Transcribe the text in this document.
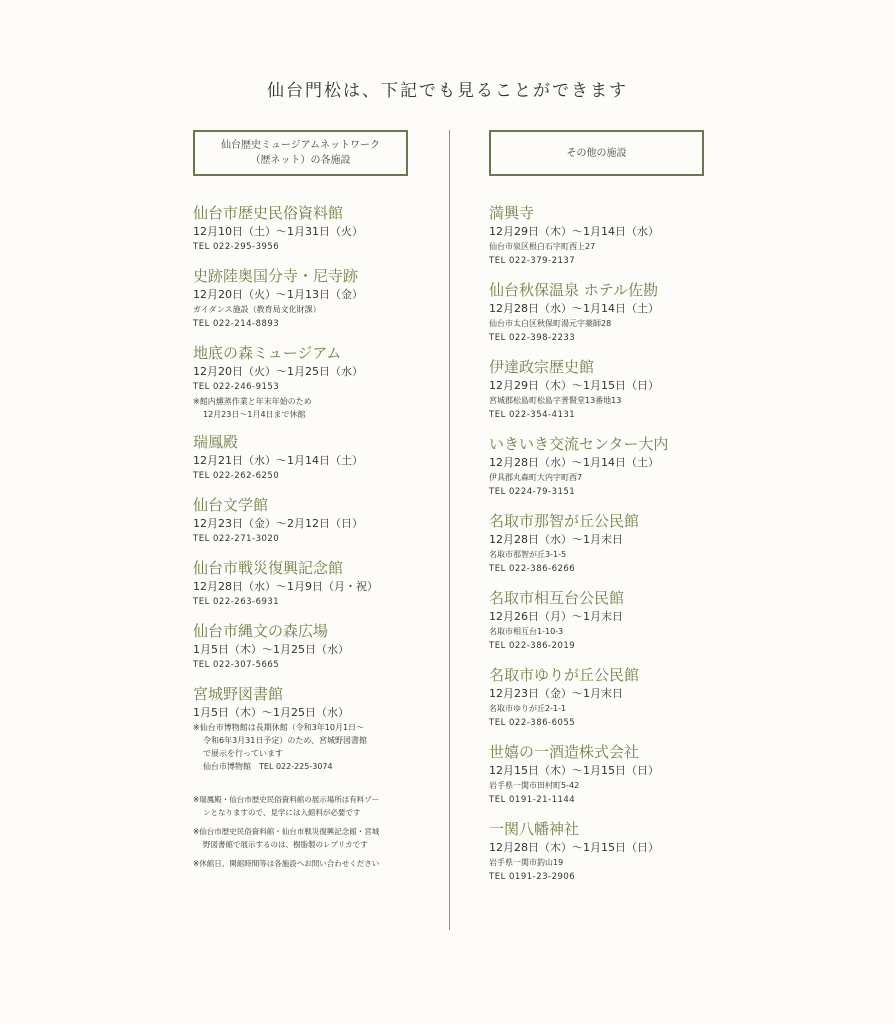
仙台門松は、下記でも見ることができます
仙台歴史ミュージアムネットワーク
（歴ネット）の各施設
仙台市歴史民俗資料館
12月10日（土）～1月31日（火）
TEL 022-295-3956
史跡陸奥国分寺・尼寺跡
12月20日（火）～1月13日（金）
ガイダンス施設（教育局文化財課）
TEL 022-214-8893
地底の森ミュージアム
12月20日（火）～1月25日（水）
TEL 022-246-9153
※館内燻蒸作業と年末年始のため
12月23日～1月4日まで休館
瑞鳳殿
12月21日（水）～1月14日（土）
TEL 022-262-6250
仙台文学館
12月23日（金）～2月12日（日）
TEL 022-271-3020
仙台市戦災復興記念館
12月28日（水）～1月9日（月・祝）
TEL 022-263-6931
仙台市縄文の森広場
1月5日（木）～1月25日（水）
TEL 022-307-5665
宮城野図書館
1月5日（木）～1月25日（水）
※仙台市博物館は長期休館（令和3年10月1日～
令和6年3月31日予定）のため、宮城野図書館
で展示を行っています
仙台市博物館　TEL 022-225-3074
※瑞鳳殿・仙台市歴史民俗資料館の展示場所は有料ゾー
ンとなりますので、見学には入館料が必要です
※仙台市歴史民俗資料館・仙台市戦災復興記念館・宮城
野図書館で展示するのは、樹脂製のレプリカです
※休館日、開館時間等は各施設へお問い合わせください
その他の施設
満興寺
12月29日（木）～1月14日（水）
仙台市泉区根白石字町西上27
TEL 022-379-2137
仙台秋保温泉 ホテル佐勘
12月28日（水）～1月14日（土）
仙台市太白区秋保町湯元字薬師28
TEL 022-398-2233
伊達政宗歴史館
12月29日（木）～1月15日（日）
宮城郡松島町松島字普賢堂13番地13
TEL 022-354-4131
いきいき交流センター大内
12月28日（水）～1月14日（土）
伊具郡丸森町大内字町西7
TEL 0224-79-3151
名取市那智が丘公民館
12月28日（水）～1月末日
名取市那智が丘3-1-5
TEL 022-386-6266
名取市相互台公民館
12月26日（月）～1月末日
名取市相互台1-10-3
TEL 022-386-2019
名取市ゆりが丘公民館
12月23日（金）～1月末日
名取市ゆりが丘2-1-1
TEL 022-386-6055
世嬉の一酒造株式会社
12月15日（木）～1月15日（日）
岩手県一関市田村町5-42
TEL 0191-21-1144
一関八幡神社
12月28日（木）～1月15日（日）
岩手県一関市釣山19
TEL 0191-23-2906
